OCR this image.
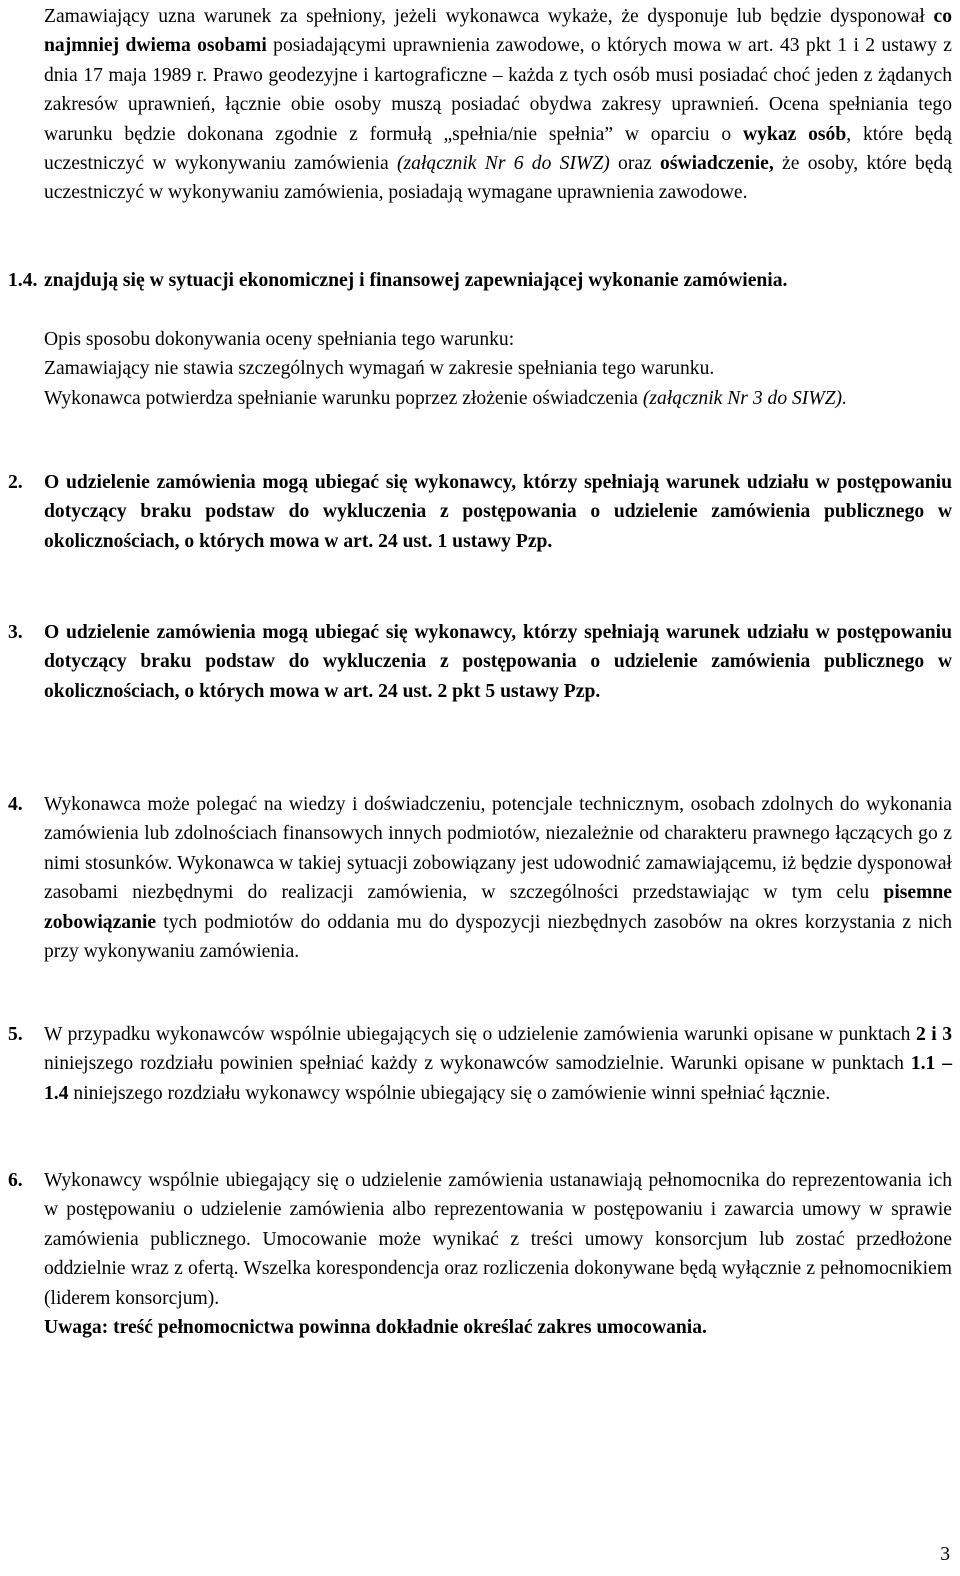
Zamawiający uzna warunek za spełniony, jeżeli wykonawca wykaże, że dysponuje lub będzie dysponował co najmniej dwiema osobami posiadającymi uprawnienia zawodowe, o których mowa w art. 43 pkt 1 i 2 ustawy z dnia 17 maja 1989 r. Prawo geodezyjne i kartograficzne – każda z tych osób musi posiadać choć jeden z żądanych zakresów uprawnień, łącznie obie osoby muszą posiadać obydwa zakresy uprawnień. Ocena spełniania tego warunku będzie dokonana zgodnie z formułą „spełnia/nie spełnia” w oparciu o wykaz osób, które będą uczestniczyć w wykonywaniu zamówienia (załącznik Nr 6 do SIWZ) oraz oświadczenie, że osoby, które będą uczestniczyć w wykonywaniu zamówienia, posiadają wymagane uprawnienia zawodowe.

1.4. znajdują się w sytuacji ekonomicznej i finansowej zapewniającej wykonanie zamówienia.

Opis sposobu dokonywania oceny spełniania tego warunku:

Zamawiający nie stawia szczególnych wymagań w zakresie spełniania tego warunku.

Wykonawca potwierdza spełnianie warunku poprzez złożenie oświadczenia (załącznik Nr 3 do SIWZ).

2. O udzielenie zamówienia mogą ubiegać się wykonawcy, którzy spełniają warunek udziału w postępowaniu dotyczący braku podstaw do wykluczenia z postępowania o udzielenie zamówienia publicznego w okolicznościach, o których mowa w art. 24 ust. 1 ustawy Pzp.
3. O udzielenie zamówienia mogą ubiegać się wykonawcy, którzy spełniają warunek udziału w postępowaniu dotyczący braku podstaw do wykluczenia z postępowania o udzielenie zamówienia publicznego w okolicznościach, o których mowa w art. 24 ust. 2 pkt 5 ustawy Pzp.
4. Wykonawca może polegać na wiedzy i doświadczeniu, potencjale technicznym, osobach zdolnych do wykonania zamówienia lub zdolnościach finansowych innych podmiotów, niezależnie od charakteru prawnego łączących go z nimi stosunków. Wykonawca w takiej sytuacji zobowiązany jest udowodnić zamawiającemu, iż będzie dysponował zasobami niezbędnymi do realizacji zamówienia, w szczególności przedstawiając w tym celu pisemne zobowiązanie tych podmiotów do oddania mu do dyspozycji niezbędnych zasobów na okres korzystania z nich przy wykonywaniu zamówienia.
5. W przypadku wykonawców wspólnie ubiegających się o udzielenie zamówienia warunki opisane w punktach 2 i 3 niniejszego rozdziału powinien spełniać każdy z wykonawców samodzielnie. Warunki opisane w punktach 1.1 – 1.4 niniejszego rozdziału wykonawcy wspólnie ubiegający się o zamówienie winni spełniać łącznie.
6. Wykonawcy wspólnie ubiegający się o udzielenie zamówienia ustanawiają pełnomocnika do reprezentowania ich w postępowaniu o udzielenie zamówienia albo reprezentowania w postępowaniu i zawarcia umowy w sprawie zamówienia publicznego. Umocowanie może wynikać z treści umowy konsorcjum lub zostać przedłożone oddzielnie wraz z ofertą. Wszelka korespondencja oraz rozliczenia dokonywane będą wyłącznie z pełnomocnikiem (liderem konsorcjum).
Uwaga: treść pełnomocnictwa powinna dokładnie określać zakres umocowania.
3
